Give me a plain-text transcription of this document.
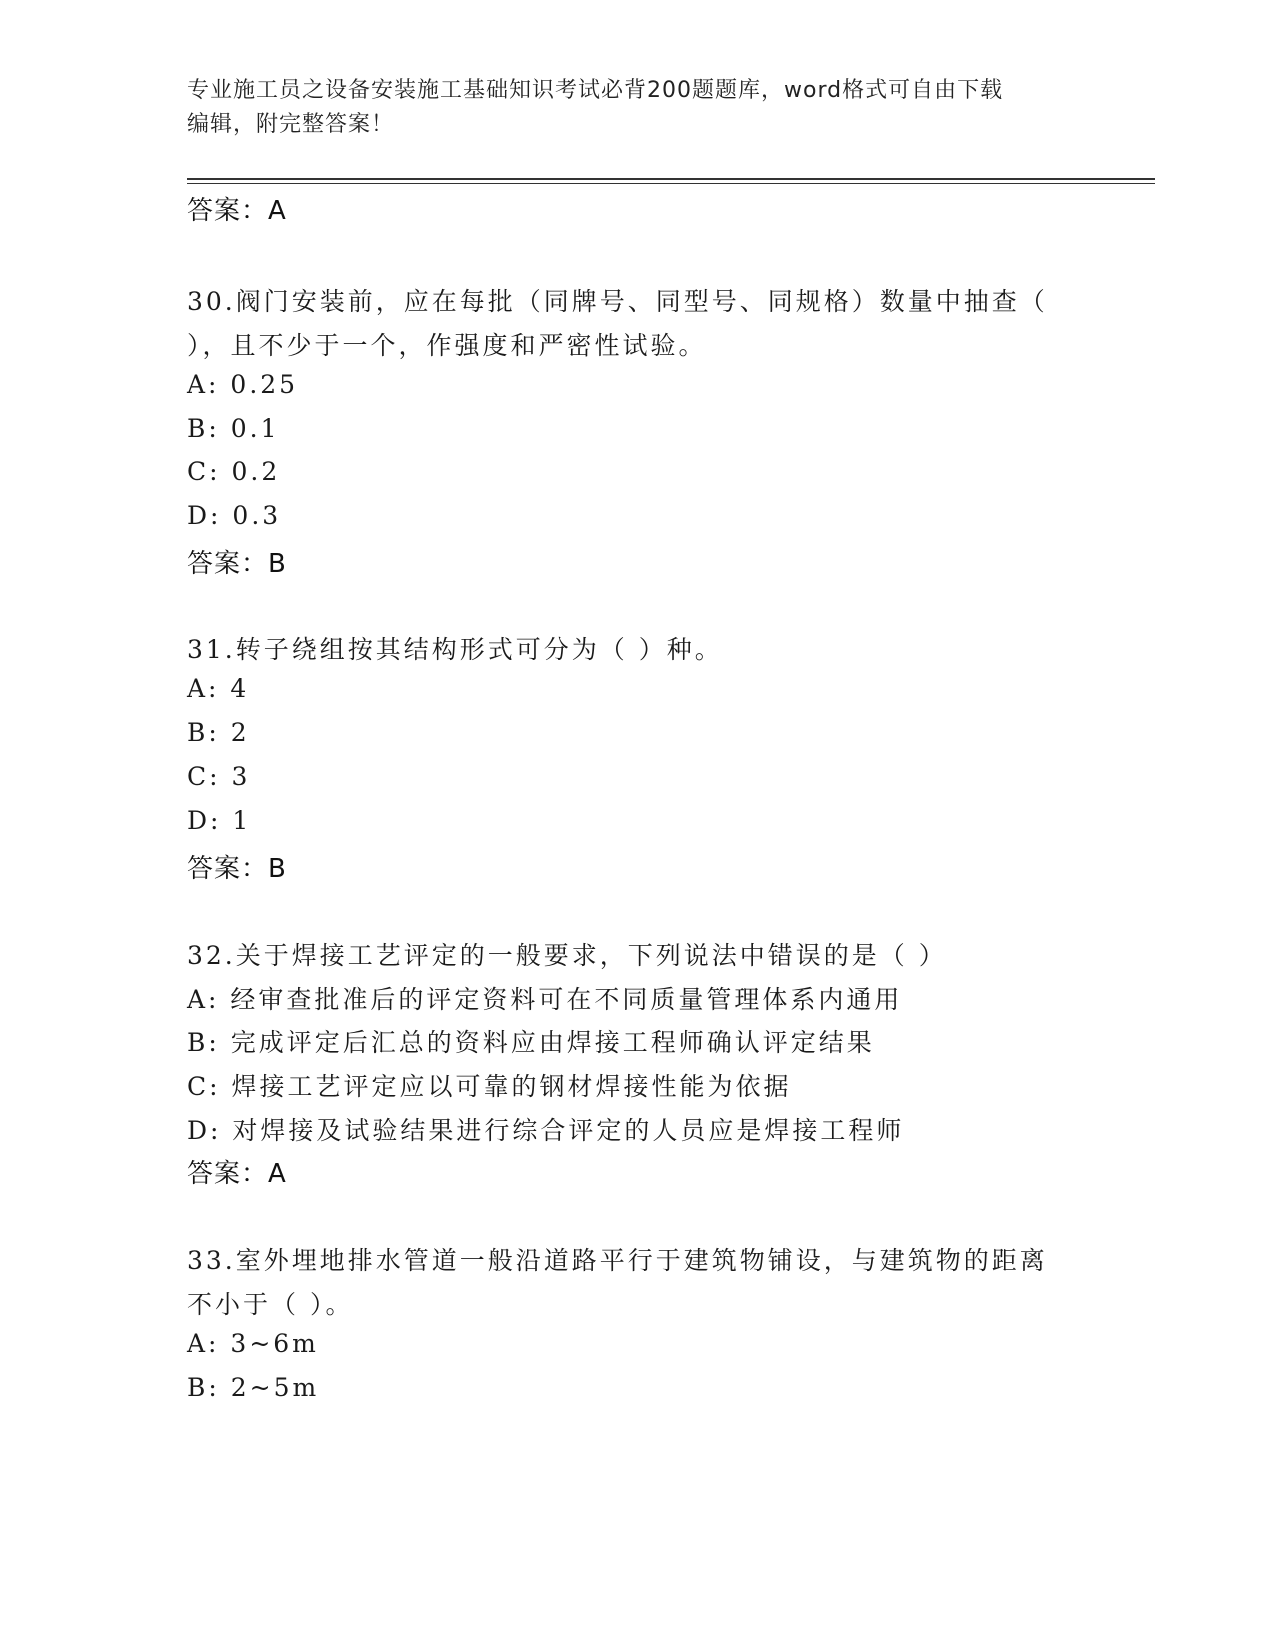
专业施工员之设备安装施工基础知识考试必背200题题库，word格式可自由下载
编辑，附完整答案！
答案：A
30.阀门安装前，应在每批（同牌号、同型号、同规格）数量中抽查（
），且不少于一个，作强度和严密性试验。
A: 0.25
B: 0.1
C: 0.2
D: 0.3
答案：B
31.转子绕组按其结构形式可分为（ ）种。
A: 4
B: 2
C: 3
D: 1
答案：B
32.关于焊接工艺评定的一般要求，下列说法中错误的是（ ）
A: 经审查批准后的评定资料可在不同质量管理体系内通用
B: 完成评定后汇总的资料应由焊接工程师确认评定结果
C: 焊接工艺评定应以可靠的钢材焊接性能为依据
D: 对焊接及试验结果进行综合评定的人员应是焊接工程师
答案：A
33.室外埋地排水管道一般沿道路平行于建筑物铺设，与建筑物的距离
不小于（ ）。
A: 3~6m
B: 2~5m
